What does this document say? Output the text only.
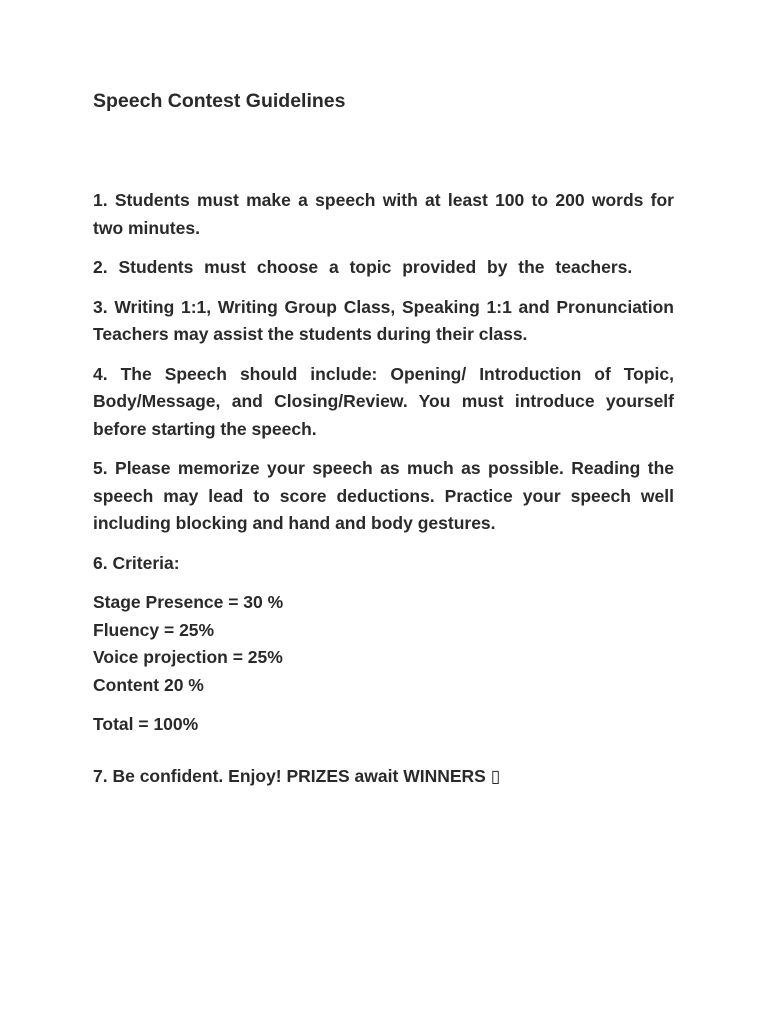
Speech Contest Guidelines

1. Students must make a speech with at least 100 to 200 words for two minutes.

2. Students must choose a topic provided by the teachers.

3. Writing 1:1, Writing Group Class, Speaking 1:1 and Pronunciation Teachers may assist the students during their class.

4. The Speech should include: Opening/ Introduction of Topic, Body/Message, and Closing/Review. You must introduce yourself before starting the speech.

5. Please memorize your speech as much as possible. Reading the speech may lead to score deductions. Practice your speech well including blocking and hand and body gestures.

6. Criteria:

Stage Presence = 30 %
Fluency = 25%
Voice projection = 25%
Content 20 %

Total = 100%

7. Be confident. Enjoy! PRIZES await WINNERS ▯
